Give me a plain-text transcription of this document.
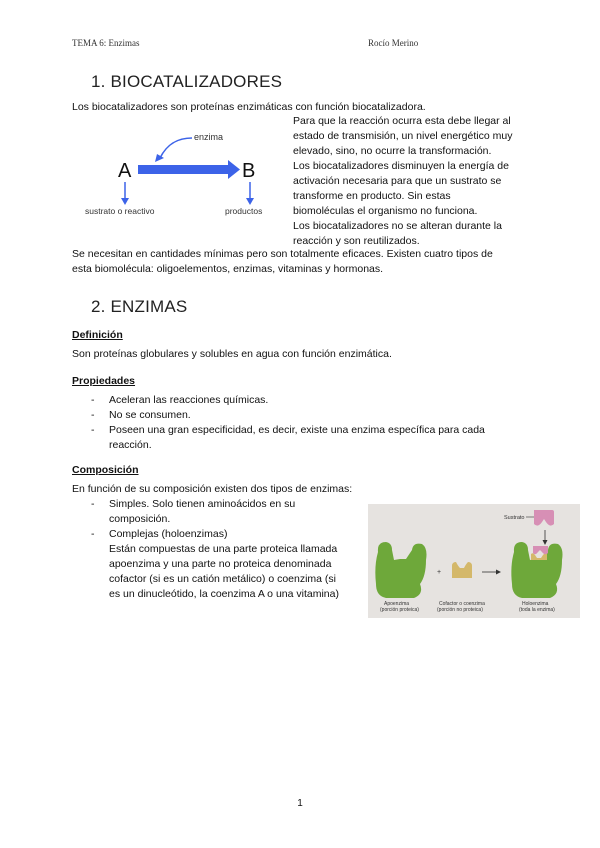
TEMA 6: Enzimas	Rocío Merino
1. BIOCATALIZADORES
Los biocatalizadores son proteínas enzimáticas con función biocatalizadora.
enzima
A	B
sustrato o reactivo	productos
Para que la reacción ocurra esta debe llegar al
estado de transmisión, un nivel energético muy
elevado, sino, no ocurre la transformación.
Los biocatalizadores disminuyen la energía de
activación necesaria para que un sustrato se
transforme en producto. Sin estas
biomoléculas el organismo no funciona.
Los biocatalizadores no se alteran durante la
reacción y son reutilizados.
Se necesitan en cantidades mínimas pero son totalmente eficaces. Existen cuatro tipos de
esta biomolécula: oligoelementos, enzimas, vitaminas y hormonas.
2. ENZIMAS
Definición
Son proteínas globulares y solubles en agua con función enzimática.
Propiedades
- Aceleran las reacciones químicas.
- No se consumen.
- Poseen una gran especificidad, es decir, existe una enzima específica para cada
reacción.
Composición
En función de su composición existen dos tipos de enzimas:
- Simples. Solo tienen aminoácidos en su
composición.
- Complejas (holoenzimas)
Están compuestas de una parte proteica llamada
apoenzima y una parte no proteica denominada
cofactor (si es un catión metálico) o coenzima (si
es un dinucleótido, la coenzima A o una vitamina)
Sustrato
+
Apoenzima
(porción proteica)
Cofactor o coenzima
(porción no proteica)
Holoenzima
(toda la enzima)
1
